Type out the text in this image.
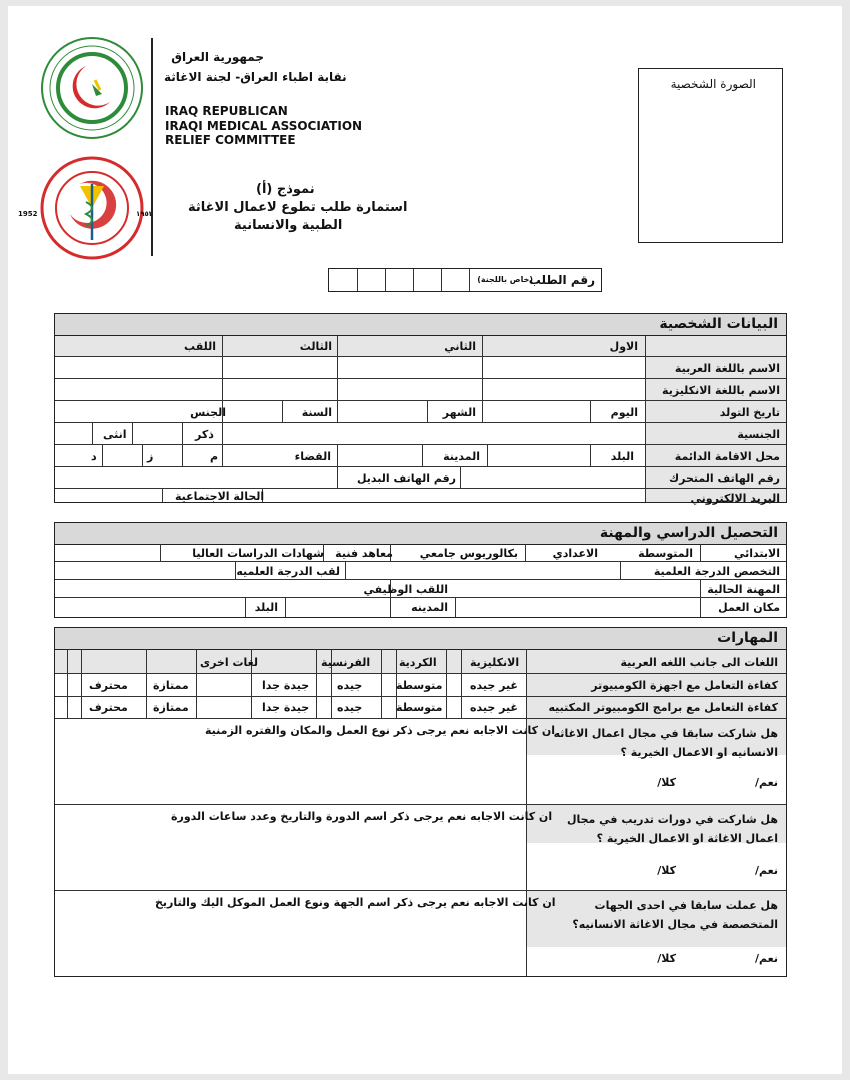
1952	١٩٥٢
جمهورية العراق
نقابة اطباء العراق- لجنة الاغاثة
IRAQ REPUBLICAN
IRAQI MEDICAL ASSOCIATION
RELIEF COMMITTEE
نموذج (أ)
استمارة طلب تطوع لاعمال الاغاثة
الطبية والانسانية
الصورة الشخصية
رقم الطلب
(خاص باللجنة)
البيانات الشخصية
الاول
الثاني
الثالث
اللقب
الاسم باللغة العربية
الاسم باللغة الانكليزية
تاريخ التولد
اليوم
الشهر
السنة
الجنس
الجنسية
ذكر
انثى
محل الاقامة الدائمة
البلد
المدينة
القضاء
م
ز
د
رقم الهاتف المتحرك
رقم الهاتف البديل
البريد الالكتروني
الحالة الاجتماعية
التحصيل الدراسي والمهنة
الابتدائي
المتوسطة
الاعدادي
بكالوريوس جامعي
معاهد فنية
شهادات الدراسات العاليا
التخصص الدرجة العلمية
لقب الدرجة العلميه
المهنة الحالية
اللقب الوظيفي
مكان العمل
المدينه
البلد
المهارات
اللغات الى جانب اللغه العربية
الانكليزية
الكردية
الفرنسية
لغات اخرى
كفاءة التعامل مع اجهزة الكومبيوتر
كفاءة التعامل مع برامج الكومبيوتر المكتبيه
غير جيده
متوسطة
جيده
جيدة جدا
ممتازة
محترف
غير جيده
متوسطة
جيده
جيدة جدا
ممتازة
محترف
هل شاركت سابقا في مجال اعمال الاغاثه الانسانيه او الاعمال الخيرية ؟
ان كانت الاجابه نعم يرجى ذكر نوع العمل والمكان والفتره الزمنية
نعم/
كلا/
هل شاركت في دورات تدريب في مجال اعمال الاغاثة او الاعمال الخيرية ؟
ان كانت الاجابه نعم يرجى ذكر اسم الدورة والتاريخ وعدد ساعات الدورة
نعم/
كلا/
هل عملت سابقا في احدى الجهات المتخصصة في مجال الاغاثة الانسانيه؟
ان كانت الاجابه نعم يرجى ذكر اسم الجهة ونوع العمل الموكل اليك والتاريخ
نعم/
كلا/
